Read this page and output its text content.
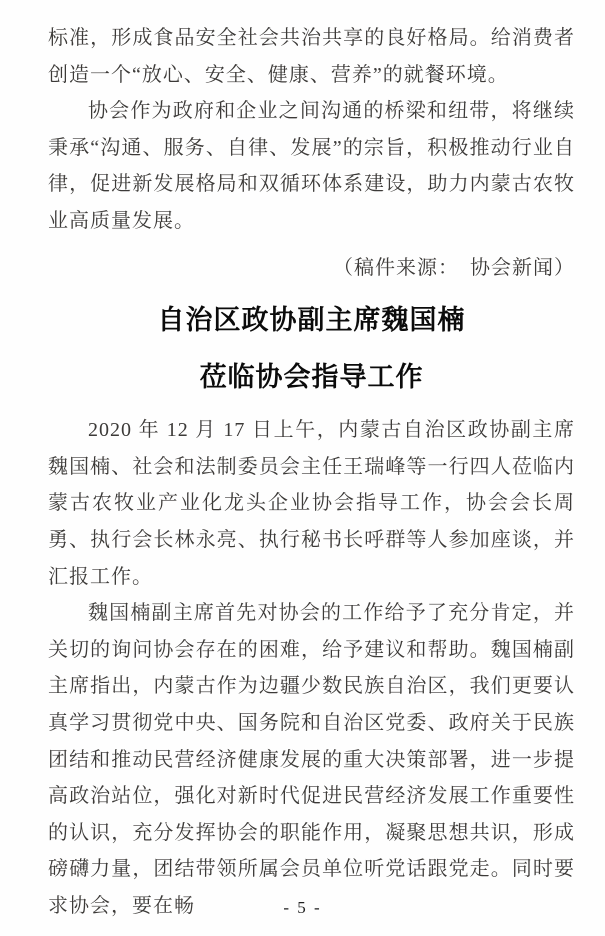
标准，形成食品安全社会共治共享的良好格局。给消费者创造一个“放心、安全、健康、营养”的就餐环境。

协会作为政府和企业之间沟通的桥梁和纽带，将继续秉承“沟通、服务、自律、发展”的宗旨，积极推动行业自律，促进新发展格局和双循环体系建设，助力内蒙古农牧业高质量发展。

（稿件来源：　协会新闻）

自治区政协副主席魏国楠
莅临协会指导工作

2020 年 12 月 17 日上午，内蒙古自治区政协副主席魏国楠、社会和法制委员会主任王瑞峰等一行四人莅临内蒙古农牧业产业化龙头企业协会指导工作，协会会长周勇、执行会长林永亮、执行秘书长呼群等人参加座谈，并汇报工作。

魏国楠副主席首先对协会的工作给予了充分肯定，并关切的询问协会存在的困难，给予建议和帮助。魏国楠副主席指出，内蒙古作为边疆少数民族自治区，我们更要认真学习贯彻党中央、国务院和自治区党委、政府关于民族团结和推动民营经济健康发展的重大决策部署，进一步提高政治站位，强化对新时代促进民营经济发展工作重要性的认识，充分发挥协会的职能作用，凝聚思想共识，形成磅礴力量，团结带领所属会员单位听党话跟党走。同时要求协会，要在畅	- 5 -
